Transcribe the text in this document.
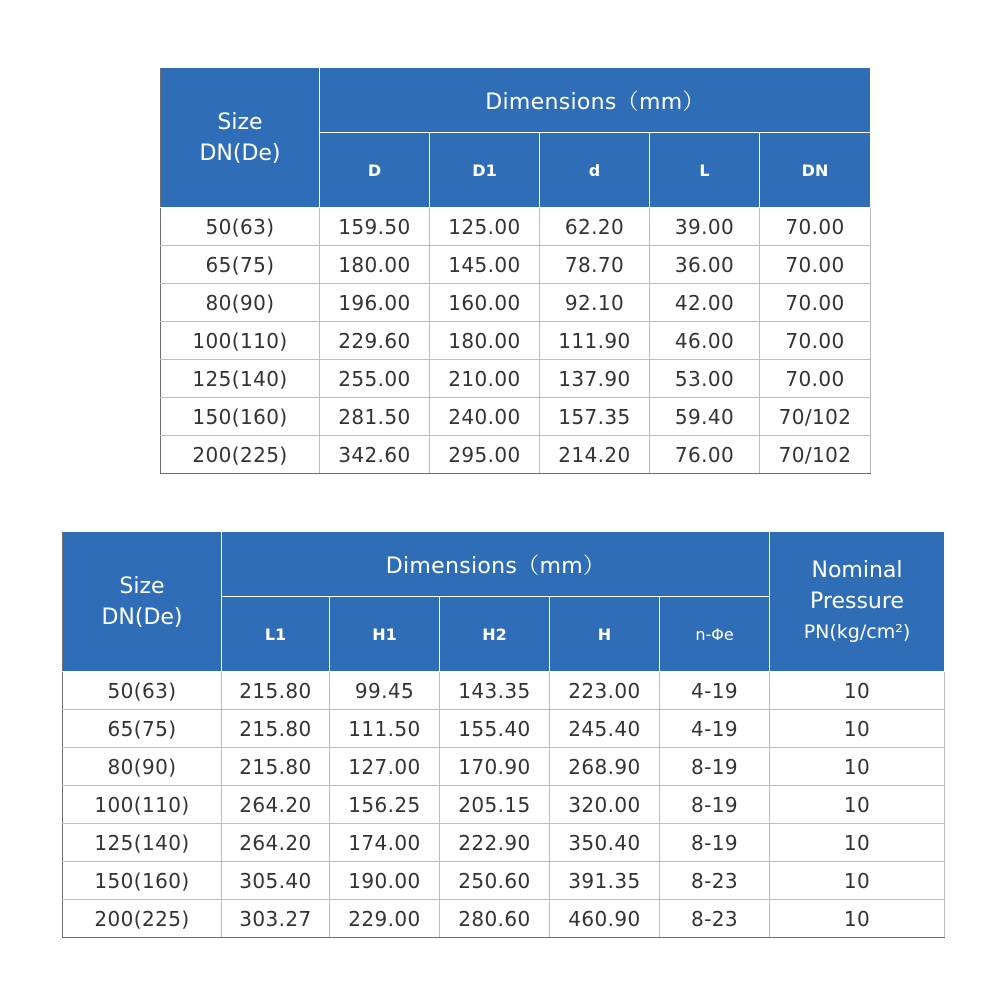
Size
DN(De)	Dimensions（mm）				
	D	D1	d	L	DN
50(63)	159.50	125.00	62.20	39.00	70.00
65(75)	180.00	145.00	78.70	36.00	70.00
80(90)	196.00	160.00	92.10	42.00	70.00
100(110)	229.60	180.00	111.90	46.00	70.00
125(140)	255.00	210.00	137.90	53.00	70.00
150(160)	281.50	240.00	157.35	59.40	70/102
200(225)	342.60	295.00	214.20	76.00	70/102
Size
DN(De)	Dimensions（mm）					Nominal
Pressure
PN(kg/cm²)

	L1	H1	H2	H	n-Φe	
50(63)	215.80	99.45	143.35	223.00	4-19	10
65(75)	215.80	111.50	155.40	245.40	4-19	10
80(90)	215.80	127.00	170.90	268.90	8-19	10
100(110)	264.20	156.25	205.15	320.00	8-19	10
125(140)	264.20	174.00	222.90	350.40	8-19	10
150(160)	305.40	190.00	250.60	391.35	8-23	10
200(225)	303.27	229.00	280.60	460.90	8-23	10
